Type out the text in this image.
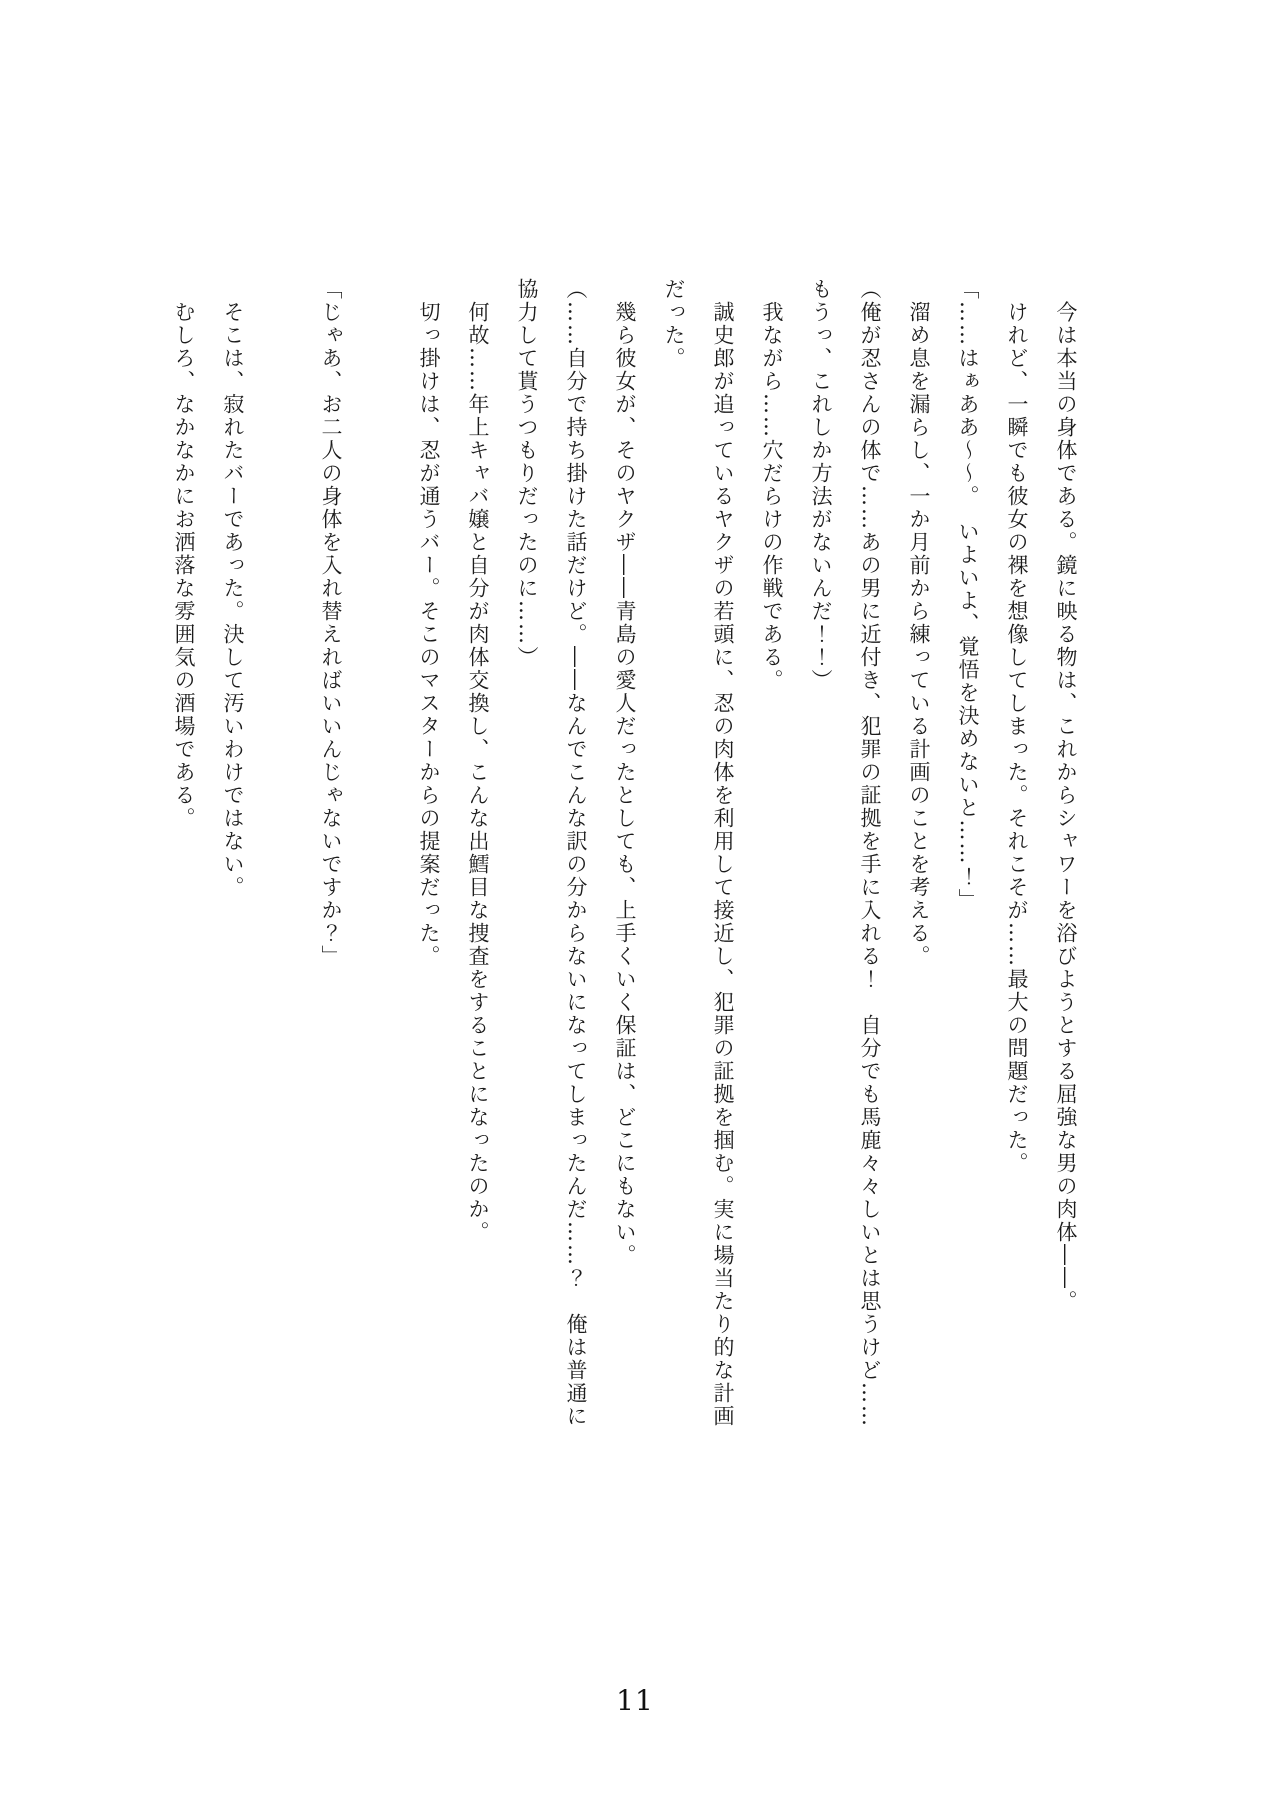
今は本当の身体である。鏡に映る物は、これからシャワーを浴びようとする屈強な男の肉体――。

けれど、一瞬でも彼女の裸を想像してしまった。それこそが……最大の問題だった。

「……はぁああ～～。　いよいよ、覚悟を決めないと……！」

溜め息を漏らし、一か月前から練っている計画のことを考える。

（俺が忍さんの体で……あの男に近付き、犯罪の証拠を手に入れる！　自分でも馬鹿々々しいとは思うけど……もうっ、これしか方法がないんだ！！）

我ながら……穴だらけの作戦である。

誠史郎が追っているヤクザの若頭に、忍の肉体を利用して接近し、犯罪の証拠を掴む。実に場当たり的な計画だった。

幾ら彼女が、そのヤクザ――青島の愛人だったとしても、上手くいく保証は、どこにもない。

（……自分で持ち掛けた話だけど。――なんでこんな訳の分からないになってしまったんだ……？　俺は普通に協力して貰うつもりだったのに……）

何故……年上キャバ嬢と自分が肉体交換し、こんな出鱈目な捜査をすることになったのか。

切っ掛けは、忍が通うバー。そこのマスターからの提案だった。

「じゃあ、お二人の身体を入れ替えればいいんじゃないですか？」

そこは、寂れたバーであった。決して汚いわけではない。

むしろ、なかなかにお洒落な雰囲気の酒場である。

11
